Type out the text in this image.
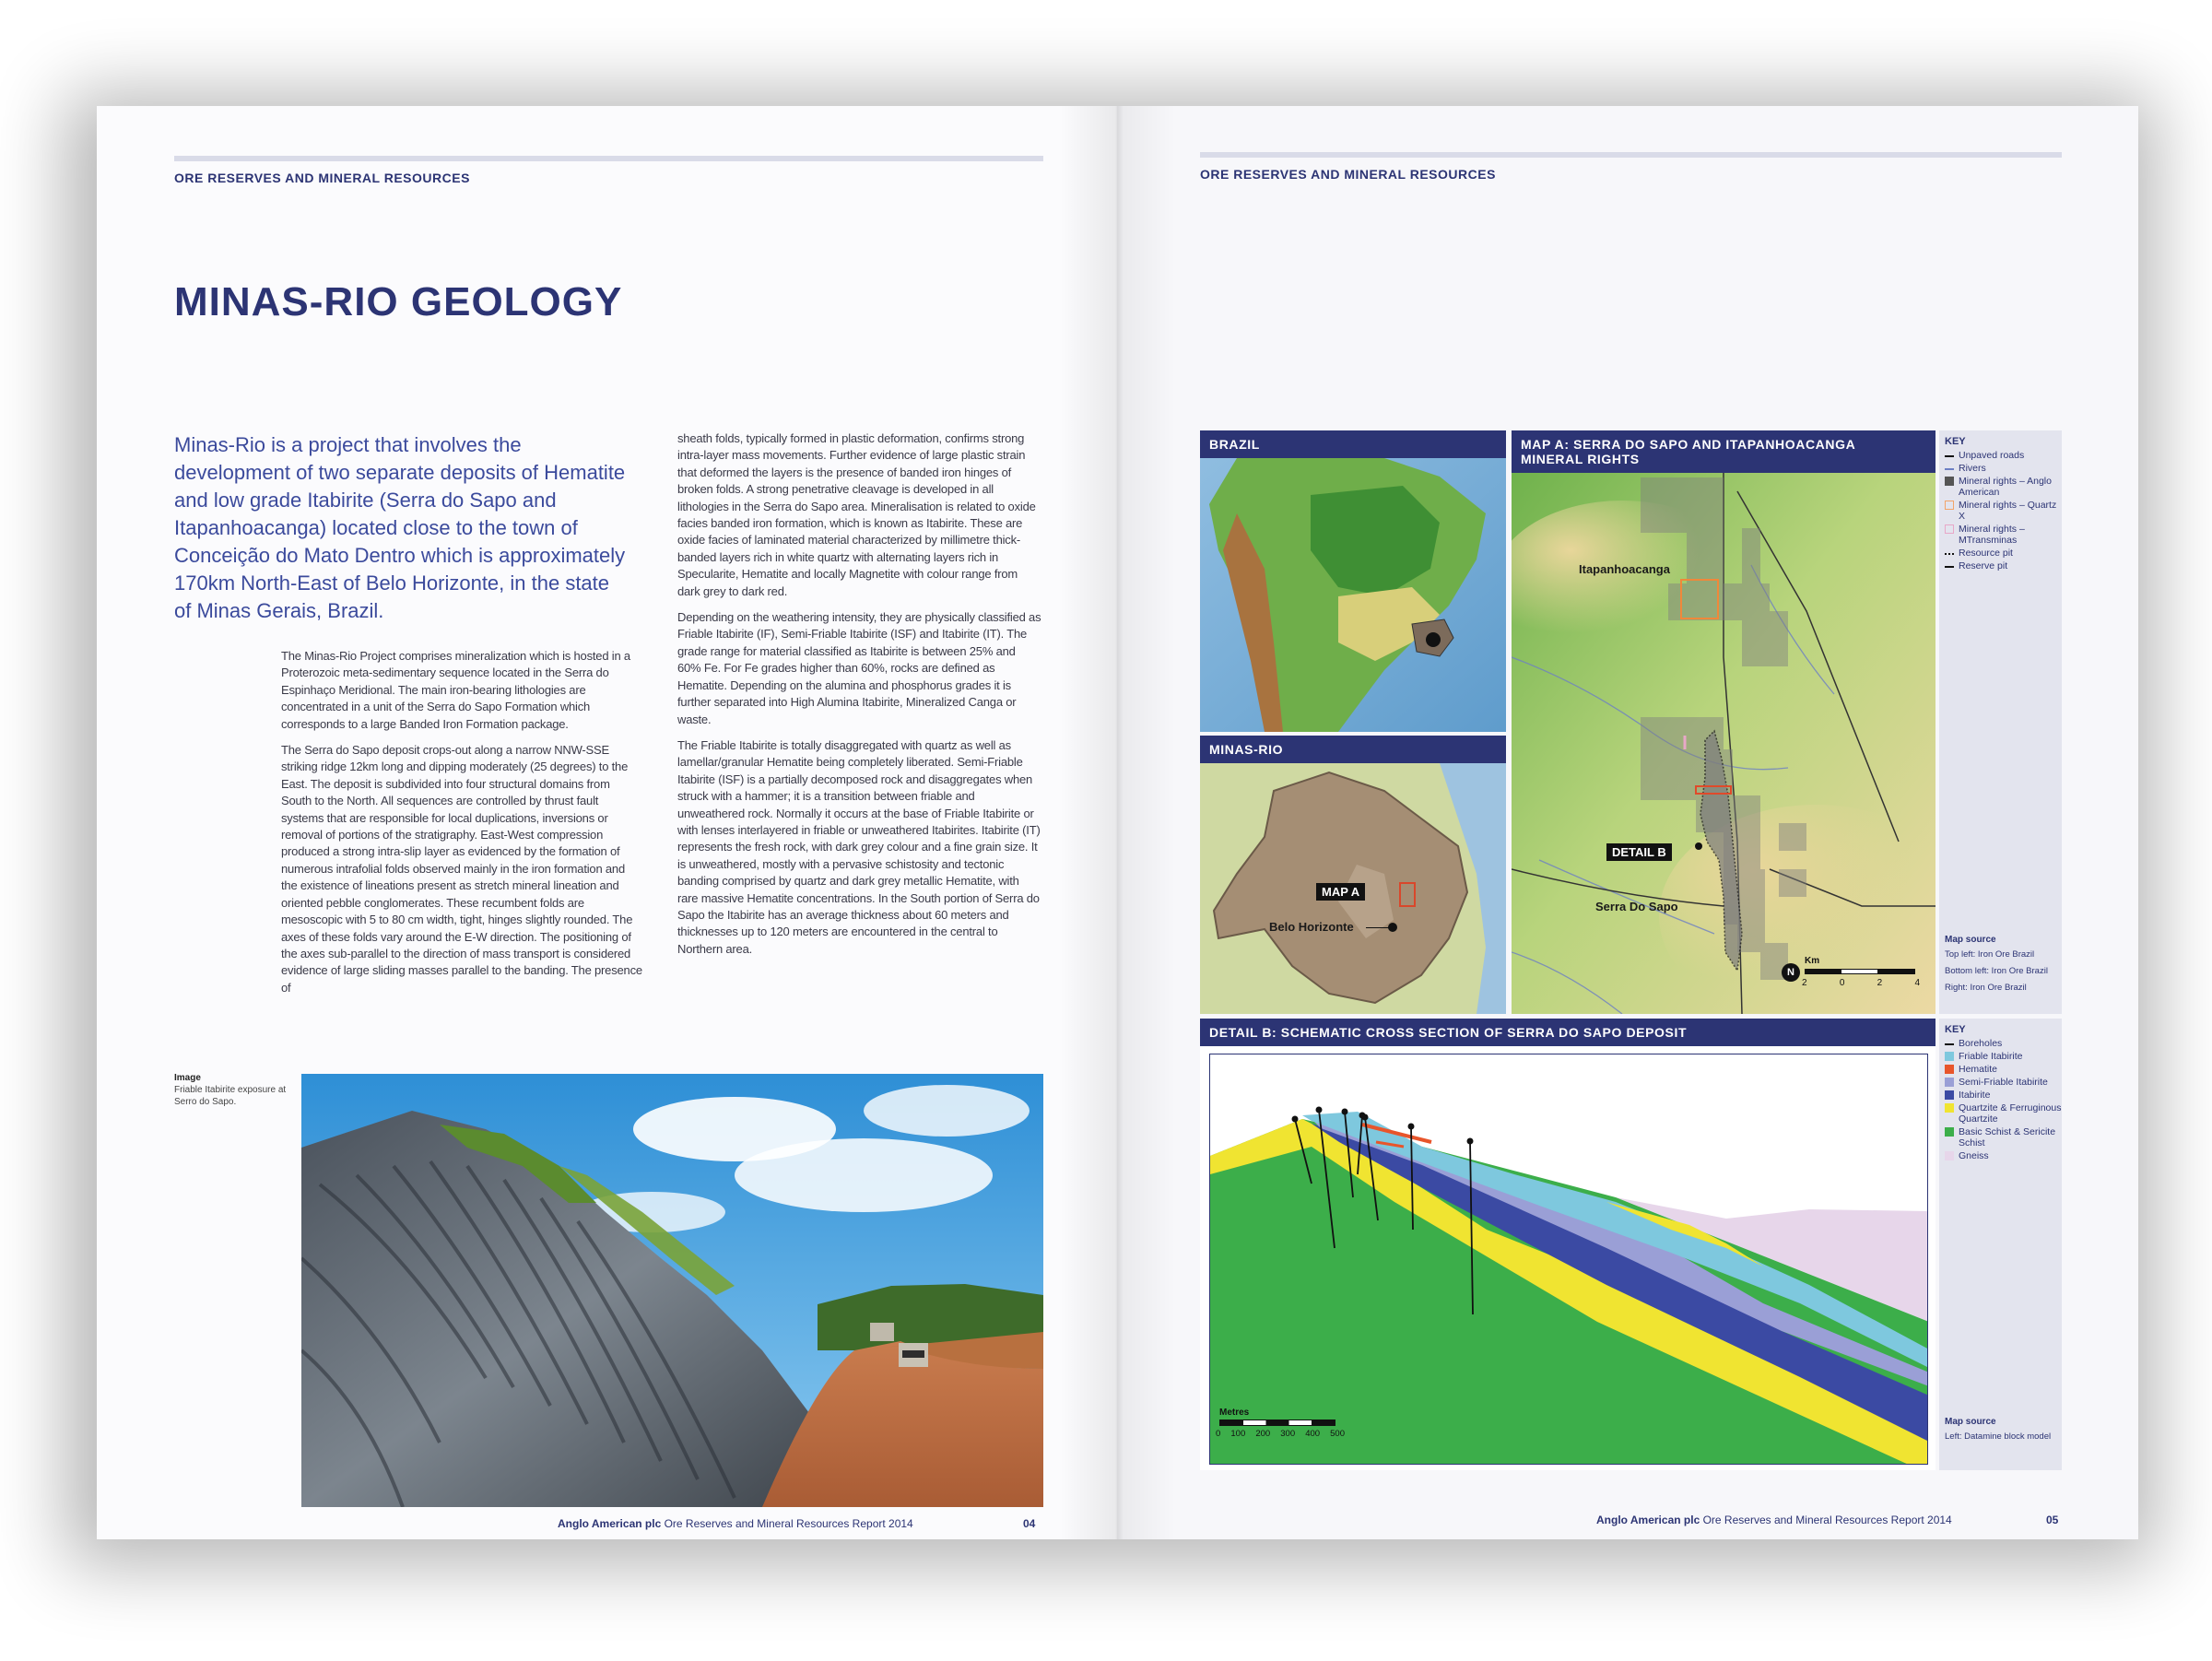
ORE RESERVES AND MINERAL RESOURCES
MINAS-RIO GEOLOGY
Minas-Rio is a project that involves the development of two separate deposits of Hematite and low grade Itabirite (Serra do Sapo and Itapanhoacanga) located close to the town of Conceição do Mato Dentro which is approximately 170km North-East of Belo Horizonte, in the state of Minas Gerais, Brazil.

The Minas-Rio Project comprises mineralization which is hosted in a Proterozoic meta-sedimentary sequence located in the Serra do Espinhaço Meridional. The main iron-bearing lithologies are concentrated in a unit of the Serra do Sapo Formation which corresponds to a large Banded Iron Formation package.

The Serra do Sapo deposit crops-out along a narrow NNW-SSE striking ridge 12km long and dipping moderately (25 degrees) to the East. The deposit is subdivided into four structural domains from South to the North. All sequences are controlled by thrust fault systems that are responsible for local duplications, inversions or removal of portions of the stratigraphy. East-West compression produced a strong intra-slip layer as evidenced by the formation of numerous intrafolial folds observed mainly in the iron formation and the existence of lineations present as stretch mineral lineation and oriented pebble conglomerates. These recumbent folds are mesoscopic with 5 to 80 cm width, tight, hinges slightly rounded. The axes of these folds vary around the E-W direction. The positioning of the axes sub-parallel to the direction of mass transport is considered evidence of large sliding masses parallel to the banding. The presence of

sheath folds, typically formed in plastic deformation, confirms strong intra-layer mass movements. Further evidence of large plastic strain that deformed the layers is the presence of banded iron hinges of broken folds. A strong penetrative cleavage is developed in all lithologies in the Serra do Sapo area. Mineralisation is related to oxide facies banded iron formation, which is known as Itabirite. These are oxide facies of laminated material characterized by millimetre thick-banded layers rich in white quartz with alternating layers rich in Specularite, Hematite and locally Magnetite with colour range from dark grey to dark red.

Depending on the weathering intensity, they are physically classified as Friable Itabirite (IF), Semi-Friable Itabirite (ISF) and Itabirite (IT). The grade range for material classified as Itabirite is between 25% and 60% Fe. For Fe grades higher than 60%, rocks are defined as Hematite. Depending on the alumina and phosphorus grades it is further separated into High Alumina Itabirite, Mineralized Canga or waste.

The Friable Itabirite is totally disaggregated with quartz as well as lamellar/granular Hematite being completely liberated. Semi-Friable Itabirite (ISF) is a partially decomposed rock and disaggregates when struck with a hammer; it is a transition between friable and unweathered rock. Normally it occurs at the base of Friable Itabirite or with lenses interlayered in friable or unweathered Itabirites. Itabirite (IT) represents the fresh rock, with dark grey colour and a fine grain size. It is unweathered, mostly with a pervasive schistosity and tectonic banding comprised by quartz and dark grey metallic Hematite, with rare massive Hematite concentrations. In the South portion of Serra do Sapo the Itabirite has an average thickness about 60 meters and thicknesses up to 120 meters are encountered in the central to Northern area.

Image
Friable Itabirite exposure at Serro do Sapo.
Anglo American plc Ore Reserves and Mineral Resources Report 2014	04
ORE RESERVES AND MINERAL RESOURCES
BRAZIL
MINAS-RIO
MAP A
Belo Horizonte
MAP A: SERRA DO SAPO AND ITAPANHOACANGA
MINERAL RIGHTS
Itapanhoacanga
DETAIL B
Serra Do Sapo
N
Km
2	0	2	4
KEY
Unpaved roads
Rivers
Mineral rights – Anglo American
Mineral rights – Quartz X
Mineral rights – MTransminas
Resource pit
Reserve pit
Map source
Top left: Iron Ore Brazil
Bottom left: Iron Ore Brazil
Right: Iron Ore Brazil
DETAIL B: SCHEMATIC CROSS SECTION OF SERRA DO SAPO DEPOSIT
Metres
0 100 200 300 400 500
KEY
Boreholes
Friable Itabirite
Hematite
Semi-Friable Itabirite
Itabirite
Quartzite & Ferruginous Quartzite
Basic Schist & Sericite Schist
Gneiss
Map source
Left: Datamine block model
Anglo American plc Ore Reserves and Mineral Resources Report 2014	05
